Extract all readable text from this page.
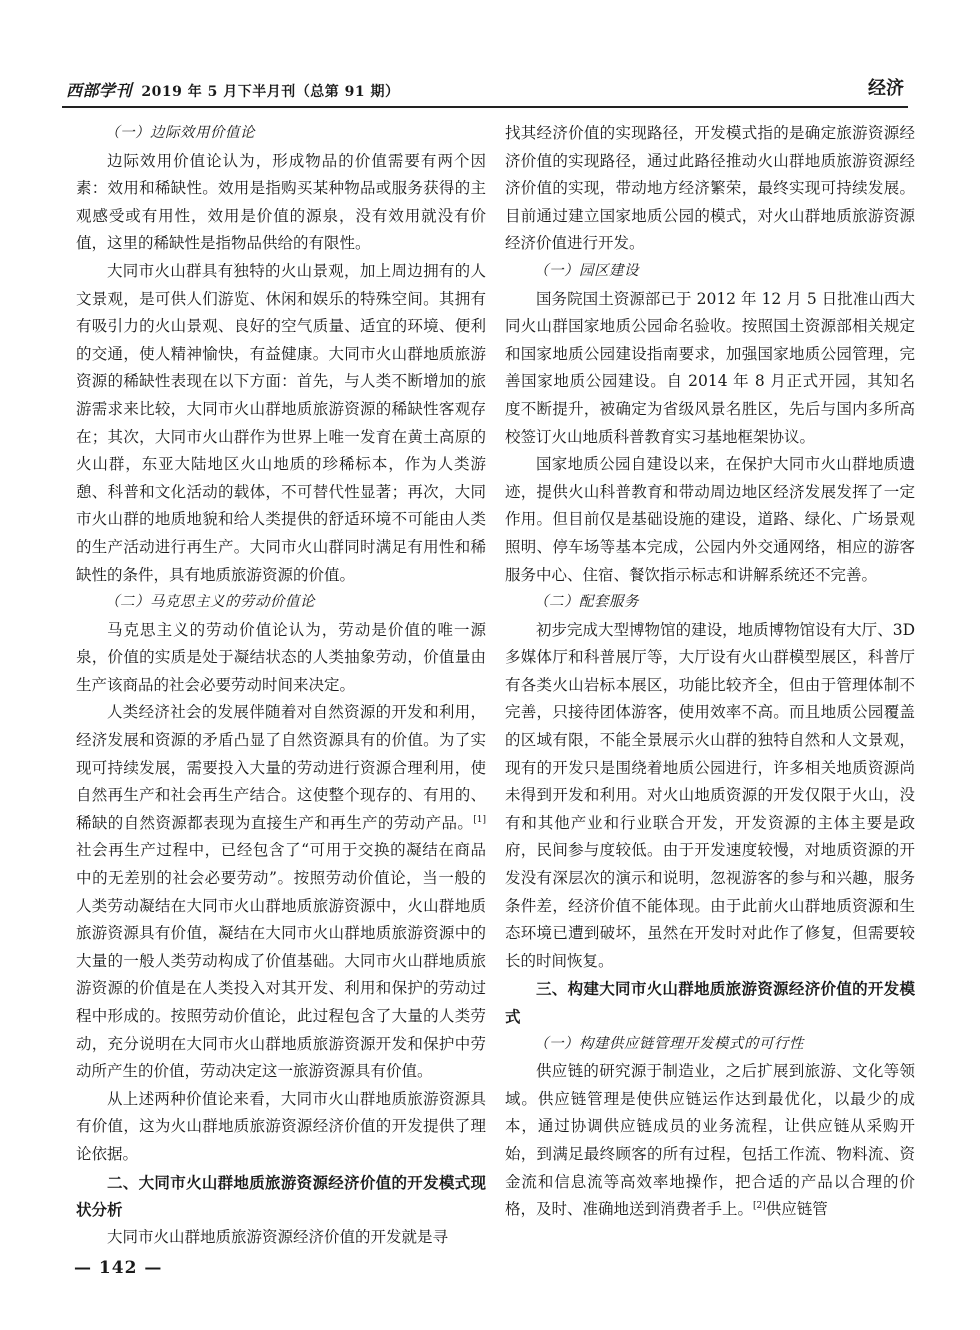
西部学刊 2019 年 5 月下半月刊（总第 91 期）	经济
（一）边际效用价值论

边际效用价值论认为，形成物品的价值需要有两个因素：效用和稀缺性。效用是指购买某种物品或服务获得的主观感受或有用性，效用是价值的源泉，没有效用就没有价值，这里的稀缺性是指物品供给的有限性。

大同市火山群具有独特的火山景观，加上周边拥有的人文景观，是可供人们游览、休闲和娱乐的特殊空间。其拥有有吸引力的火山景观、良好的空气质量、适宜的环境、便利的交通，使人精神愉快，有益健康。大同市火山群地质旅游资源的稀缺性表现在以下方面：首先，与人类不断增加的旅游需求来比较，大同市火山群地质旅游资源的稀缺性客观存在；其次，大同市火山群作为世界上唯一发育在黄土高原的火山群，东亚大陆地区火山地质的珍稀标本，作为人类游憩、科普和文化活动的载体，不可替代性显著；再次，大同市火山群的地质地貌和给人类提供的舒适环境不可能由人类的生产活动进行再生产。大同市火山群同时满足有用性和稀缺性的条件，具有地质旅游资源的价值。

（二）马克思主义的劳动价值论

马克思主义的劳动价值论认为，劳动是价值的唯一源泉，价值的实质是处于凝结状态的人类抽象劳动，价值量由生产该商品的社会必要劳动时间来决定。

人类经济社会的发展伴随着对自然资源的开发和利用，经济发展和资源的矛盾凸显了自然资源具有的价值。为了实现可持续发展，需要投入大量的劳动进行资源合理利用，使自然再生产和社会再生产结合。这使整个现存的、有用的、稀缺的自然资源都表现为直接生产和再生产的劳动产品。[1]社会再生产过程中，已经包含了“可用于交换的凝结在商品中的无差别的社会必要劳动”。按照劳动价值论，当一般的人类劳动凝结在大同市火山群地质旅游资源中，火山群地质旅游资源具有价值，凝结在大同市火山群地质旅游资源中的大量的一般人类劳动构成了价值基础。大同市火山群地质旅游资源的价值是在人类投入对其开发、利用和保护的劳动过程中形成的。按照劳动价值论，此过程包含了大量的人类劳动，充分说明在大同市火山群地质旅游资源开发和保护中劳动所产生的价值，劳动决定这一旅游资源具有价值。

从上述两种价值论来看，大同市火山群地质旅游资源具有价值，这为火山群地质旅游资源经济价值的开发提供了理论依据。

二、大同市火山群地质旅游资源经济价值的开发模式现状分析

大同市火山群地质旅游资源经济价值的开发就是寻

找其经济价值的实现路径，开发模式指的是确定旅游资源经济价值的实现路径，通过此路径推动火山群地质旅游资源经济价值的实现，带动地方经济繁荣，最终实现可持续发展。目前通过建立国家地质公园的模式，对火山群地质旅游资源经济价值进行开发。

（一）园区建设

国务院国土资源部已于 2012 年 12 月 5 日批准山西大同火山群国家地质公园命名验收。按照国土资源部相关规定和国家地质公园建设指南要求，加强国家地质公园管理，完善国家地质公园建设。自 2014 年 8 月正式开园，其知名度不断提升，被确定为省级风景名胜区，先后与国内多所高校签订火山地质科普教育实习基地框架协议。

国家地质公园自建设以来，在保护大同市火山群地质遗迹，提供火山科普教育和带动周边地区经济发展发挥了一定作用。但目前仅是基础设施的建设，道路、绿化、广场景观照明、停车场等基本完成，公园内外交通网络，相应的游客服务中心、住宿、餐饮指示标志和讲解系统还不完善。

（二）配套服务

初步完成大型博物馆的建设，地质博物馆设有大厅、3D 多媒体厅和科普展厅等，大厅设有火山群模型展区，科普厅有各类火山岩标本展区，功能比较齐全，但由于管理体制不完善，只接待团体游客，使用效率不高。而且地质公园覆盖的区域有限，不能全景展示火山群的独特自然和人文景观，现有的开发只是围绕着地质公园进行，许多相关地质资源尚未得到开发和利用。对火山地质资源的开发仅限于火山，没有和其他产业和行业联合开发，开发资源的主体主要是政府，民间参与度较低。由于开发速度较慢，对地质资源的开发没有深层次的演示和说明，忽视游客的参与和兴趣，服务条件差，经济价值不能体现。由于此前火山群地质资源和生态环境已遭到破坏，虽然在开发时对此作了修复，但需要较长的时间恢复。

三、构建大同市火山群地质旅游资源经济价值的开发模式
（一）构建供应链管理开发模式的可行性

供应链的研究源于制造业，之后扩展到旅游、文化等领域。供应链管理是使供应链运作达到最优化，以最少的成本，通过协调供应链成员的业务流程，让供应链从采购开始，到满足最终顾客的所有过程，包括工作流、物料流、资金流和信息流等高效率地操作，把合适的产品以合理的价格，及时、准确地送到消费者手上。[2]供应链管

— 142 —
